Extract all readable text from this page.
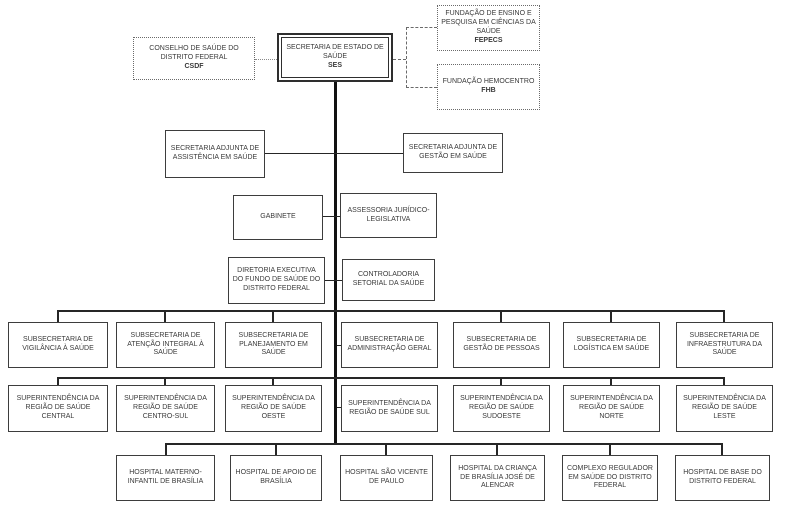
CONSELHO DE SAÚDE DO DISTRITO FEDERAL
CSDF
SECRETARIA DE ESTADO DE SAÚDE
SES
FUNDAÇÃO DE ENSINO E PESQUISA EM CIÊNCIAS DA SAÚDE
FEPECS
FUNDAÇÃO HEMOCENTRO
FHB
SECRETARIA ADJUNTA DE ASSISTÊNCIA EM SAÚDE
SECRETARIA ADJUNTA DE GESTÃO EM SAÚDE
GABINETE
ASSESSORIA JURÍDICO-LEGISLATIVA
DIRETORIA EXECUTIVA DO FUNDO DE SAÚDE DO DISTRITO FEDERAL
CONTROLADORIA SETORIAL DA SAÚDE
SUBSECRETARIA DE VIGILÂNCIA À SAÚDE
SUBSECRETARIA DE ATENÇÃO INTEGRAL À SAÚDE
SUBSECRETARIA DE PLANEJAMENTO EM SAÚDE
SUBSECRETARIA DE ADMINISTRAÇÃO GERAL
SUBSECRETARIA DE GESTÃO DE PESSOAS
SUBSECRETARIA DE LOGÍSTICA EM SAÚDE
SUBSECRETARIA DE INFRAESTRUTURA DA SAÚDE
SUPERINTENDÊNCIA DA REGIÃO DE SAÚDE CENTRAL
SUPERINTENDÊNCIA DA REGIÃO DE SAÚDE CENTRO-SUL
SUPERINTENDÊNCIA DA REGIÃO DE SAÚDE OESTE
SUPERINTENDÊNCIA DA REGIÃO DE SAÚDE SUL
SUPERINTENDÊNCIA DA REGIÃO DE SAÚDE SUDOESTE
SUPERINTENDÊNCIA DA REGIÃO DE SAÚDE NORTE
SUPERINTENDÊNCIA DA REGIÃO DE SAÚDE LESTE
HOSPITAL MATERNO-INFANTIL DE BRASÍLIA
HOSPITAL DE APOIO DE BRASÍLIA
HOSPITAL SÃO VICENTE DE PAULO
HOSPITAL DA CRIANÇA DE BRASÍLIA JOSÉ DE ALENCAR
COMPLEXO REGULADOR EM SAÚDE DO DISTRITO FEDERAL
HOSPITAL DE BASE DO DISTRITO FEDERAL
